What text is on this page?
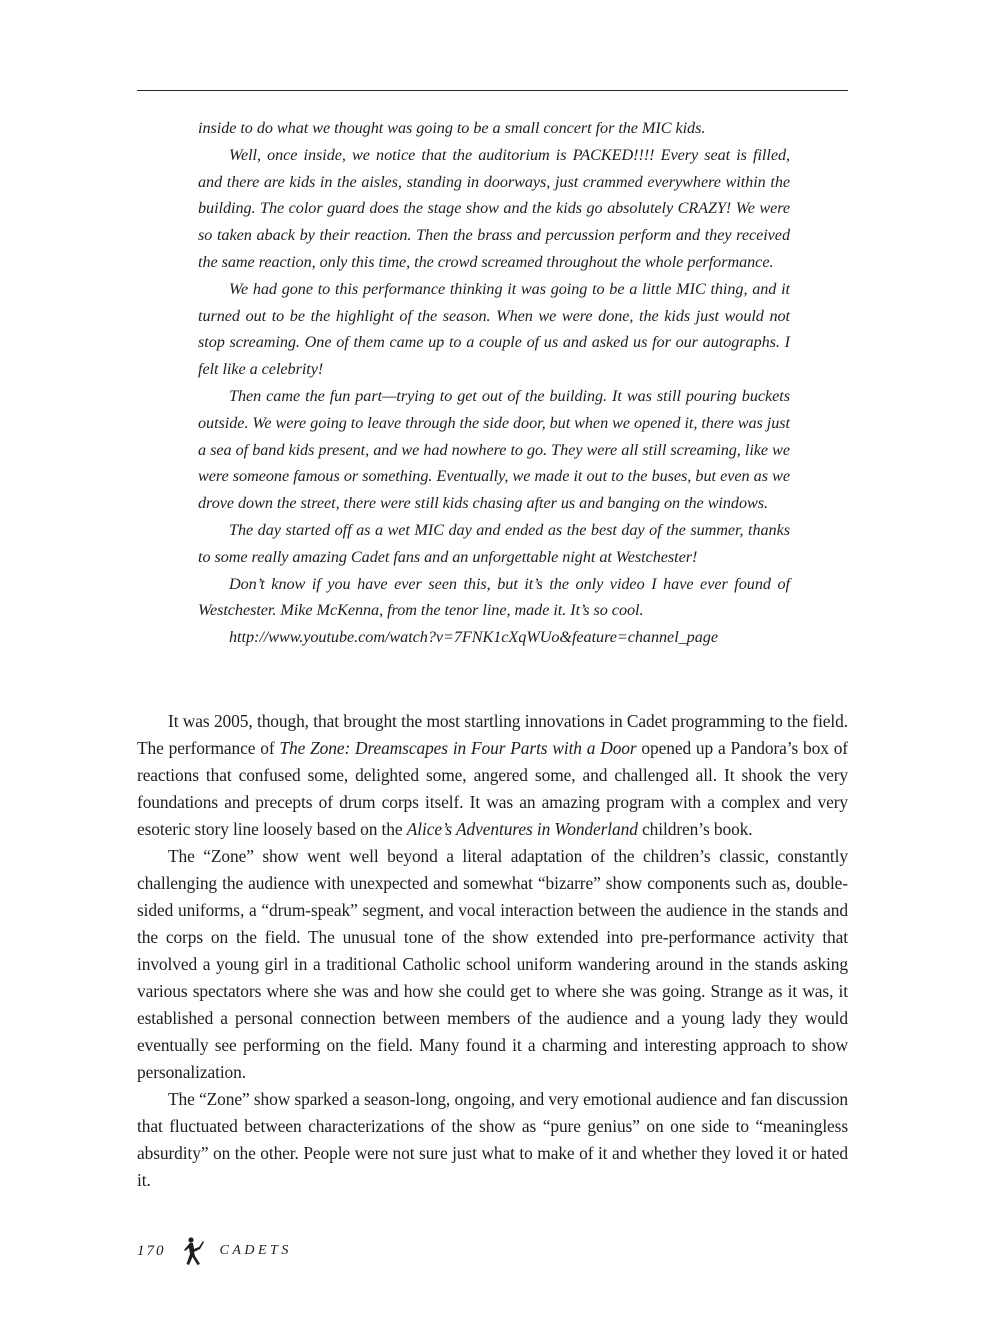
inside to do what we thought was going to be a small concert for the MIC kids.

Well, once inside, we notice that the auditorium is PACKED!!!! Every seat is filled, and there are kids in the aisles, standing in doorways, just crammed everywhere within the building. The color guard does the stage show and the kids go absolutely CRAZY! We were so taken aback by their reaction. Then the brass and percussion perform and they received the same reaction, only this time, the crowd screamed throughout the whole performance.

We had gone to this performance thinking it was going to be a little MIC thing, and it turned out to be the highlight of the season. When we were done, the kids just would not stop screaming. One of them came up to a couple of us and asked us for our autographs. I felt like a celebrity!

Then came the fun part—trying to get out of the building. It was still pouring buckets outside. We were going to leave through the side door, but when we opened it, there was just a sea of band kids present, and we had nowhere to go. They were all still screaming, like we were someone famous or something. Eventually, we made it out to the buses, but even as we drove down the street, there were still kids chasing after us and banging on the windows.

The day started off as a wet MIC day and ended as the best day of the summer, thanks to some really amazing Cadet fans and an unforgettable night at Westchester!

Don’t know if you have ever seen this, but it’s the only video I have ever found of Westchester. Mike McKenna, from the tenor line, made it. It’s so cool.

http://www.youtube.com/watch?v=7FNK1cXqWUo&feature=channel_page

It was 2005, though, that brought the most startling innovations in Cadet programming to the field. The performance of The Zone: Dreamscapes in Four Parts with a Door opened up a Pandora’s box of reactions that confused some, delighted some, angered some, and challenged all. It shook the very foundations and precepts of drum corps itself. It was an amazing program with a complex and very esoteric story line loosely based on the Alice’s Adventures in Wonderland children’s book.

The “Zone” show went well beyond a literal adaptation of the children’s classic, constantly challenging the audience with unexpected and somewhat “bizarre” show components such as, double-sided uniforms, a “drum-speak” segment, and vocal interaction between the audience in the stands and the corps on the field. The unusual tone of the show extended into pre-performance activity that involved a young girl in a traditional Catholic school uniform wandering around in the stands asking various spectators where she was and how she could get to where she was going. Strange as it was, it established a personal connection between members of the audience and a young lady they would eventually see performing on the field. Many found it a charming and interesting approach to show personalization.

The “Zone” show sparked a season-long, ongoing, and very emotional audience and fan discussion that fluctuated between characterizations of the show as “pure genius” on one side to “meaningless absurdity” on the other. People were not sure just what to make of it and whether they loved it or hated it.

170	CADETS
